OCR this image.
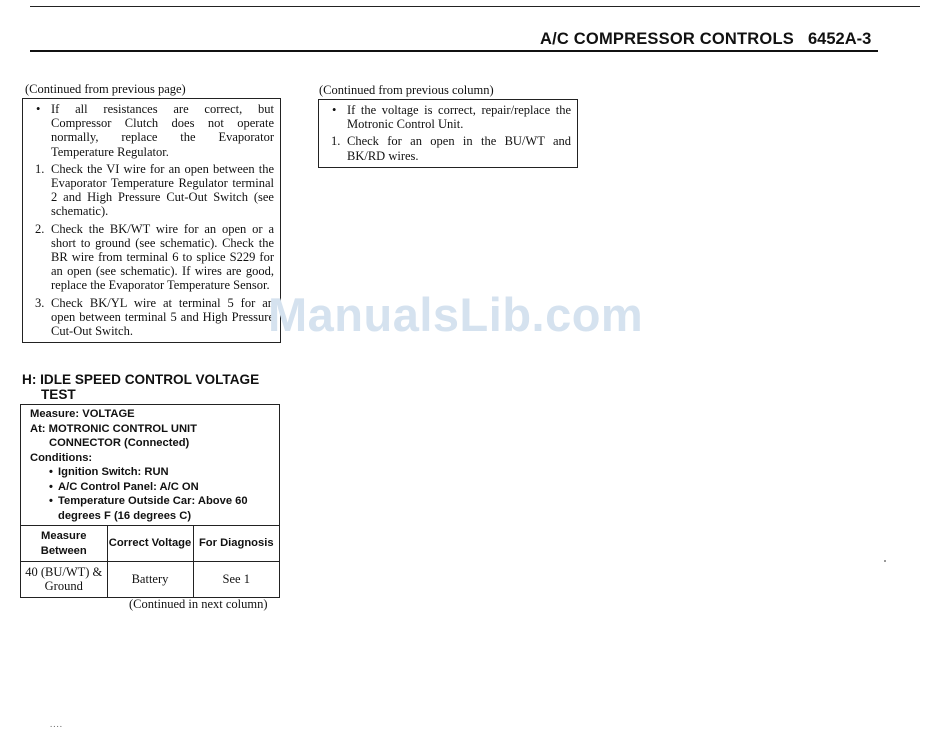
A/C COMPRESSOR CONTROLS 6452A-3
(Continued from previous page)
• If all resistances are correct, but Compressor Clutch does not operate normally, replace the Evaporator Temperature Regulator.
1. Check the VI wire for an open between the Evaporator Temperature Regulator terminal 2 and High Pressure Cut-Out Switch (see schematic).
2. Check the BK/WT wire for an open or a short to ground (see schematic). Check the BR wire from terminal 6 to splice S229 for an open (see schematic). If wires are good, replace the Evaporator Temperature Sensor.
3. Check BK/YL wire at terminal 5 for an open between terminal 5 and High Pressure Cut-Out Switch.	ManualsLib.com
H: IDLE SPEED CONTROL VOLTAGE
TEST
Measure: VOLTAGE
At: MOTRONIC CONTROL UNIT
CONNECTOR (Connected)
Conditions:
• Ignition Switch: RUN
• A/C Control Panel: A/C ON
• Temperature Outside Car: Above 60 degrees F (16 degrees C)
Measure Between	Correct Voltage	For Diagnosis
40 (BU/WT) & Ground	Battery	See 1
(Continued in next column)
(Continued from previous column)
• If the voltage is correct, repair/replace the Motronic Control Unit.
1. Check for an open in the BU/WT and BK/RD wires.
....
